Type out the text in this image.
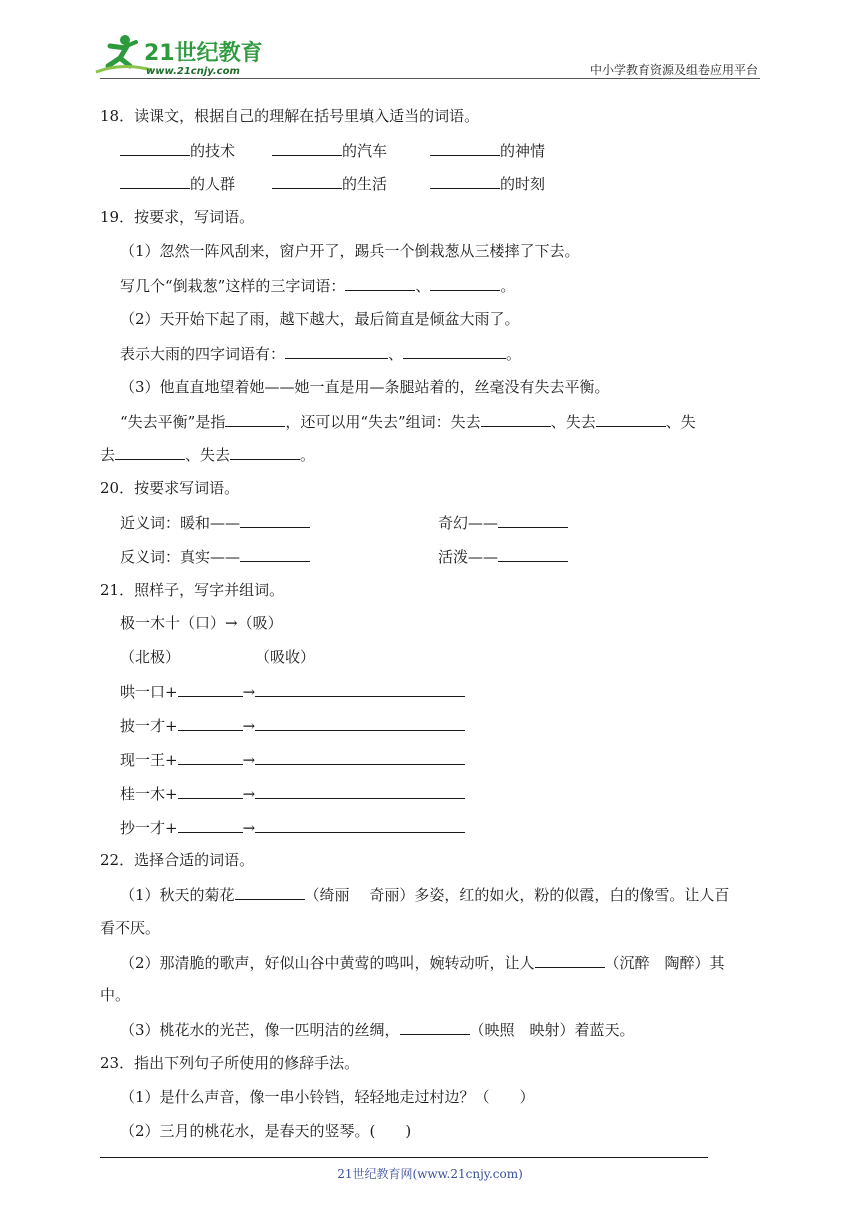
21世纪教育
www.21cnjy.com	中小学教育资源及组卷应用平台
18．读课文，根据自己的理解在括号里填入适当的词语。
的技术	的汽车	的神情
的人群	的生活	的时刻
19．按要求，写词语。
（1）忽然一阵风刮来，窗户开了，踢兵一个倒栽葱从三楼摔了下去。
写几个“倒栽葱”这样的三字词语：	、	。
（2）天开始下起了雨，越下越大，最后简直是倾盆大雨了。
表示大雨的四字词语有：	、	。
（3）他直直地望着她——她一直是用—条腿站着的，丝毫没有失去平衡。
“失去平衡”是指	，还可以用“失去”组词：失去	、失去	、失
去	、失去	。
20．按要求写词语。
近义词：暖和——	奇幻——
反义词：真实——	活泼——
21．照样子，写字并组词。
极一木十（口）→（吸）
（北极）	（吸收）
哄一口+	→
披一才+	→
现一王+	→
桂一木+	→
抄一才+	→
22．选择合适的词语。
（1）秋天的菊花	（绮丽　 奇丽）多姿，红的如火，粉的似霞，白的像雪。让人百
看不厌。
（2）那清脆的歌声，好似山谷中黄莺的鸣叫，婉转动听，让人	（沉醉　陶醉）其
中。
（3）桃花水的光芒，像一匹明洁的丝绸，	（映照　映射）着蓝天。
23．指出下列句子所使用的修辞手法。
（1）是什么声音，像一串小铃铛，轻轻地走过村边？（　　）
（2）三月的桃花水，是春天的竖琴。(　　)
21世纪教育网(www.21cnjy.com)
